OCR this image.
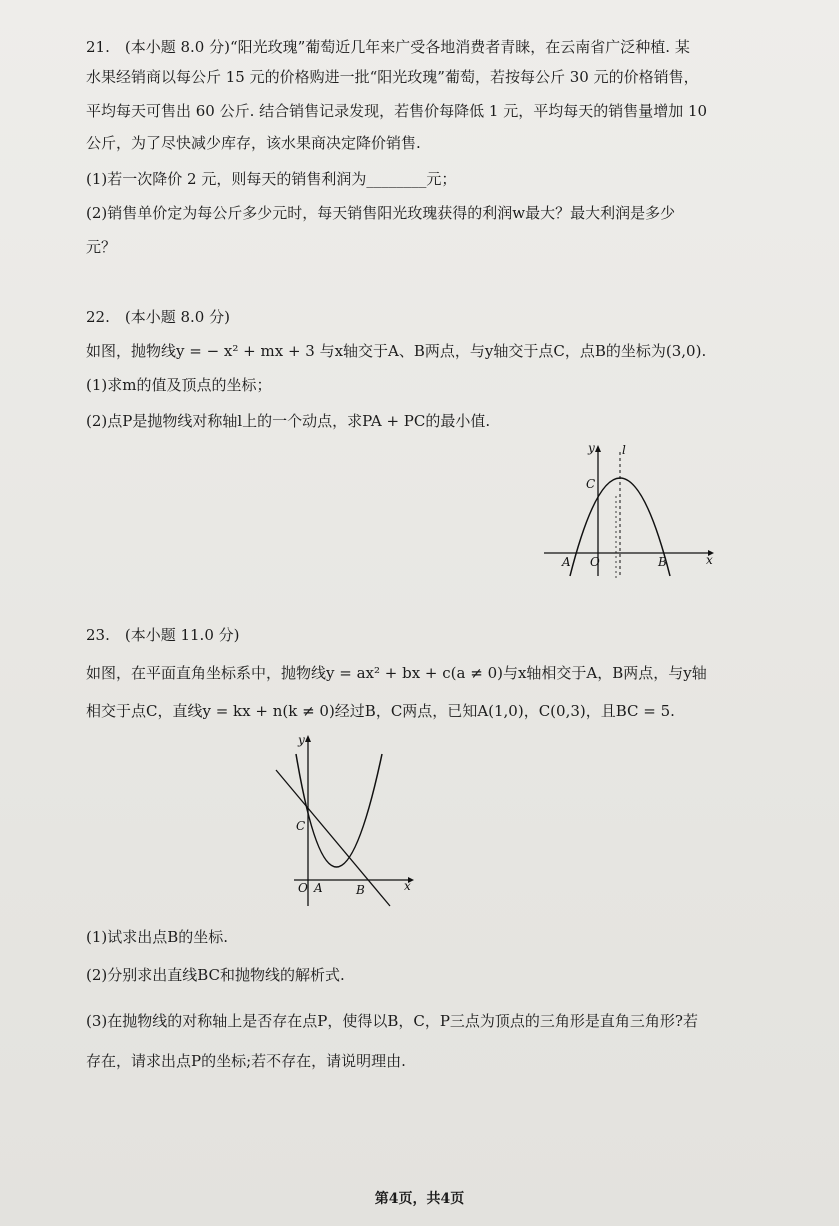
21.　(本小题 8.0 分)“阳光玫瑰”葡萄近几年来广受各地消费者青睐，在云南省广泛种植. 某
水果经销商以每公斤 15 元的价格购进一批“阳光玫瑰”葡萄，若按每公斤 30 元的价格销售，
平均每天可售出 60 公斤. 结合销售记录发现，若售价每降低 1 元，平均每天的销售量增加 10
公斤，为了尽快减少库存，该水果商决定降价销售.
(1)若一次降价 2 元，则每天的销售利润为________元；
(2)销售单价定为每公斤多少元时，每天销售阳光玫瑰获得的利润w最大？最大利润是多少
元？
22.　(本小题 8.0 分)
如图，抛物线y = − x² + mx + 3 与x轴交于A、B两点，与y轴交于点C，点B的坐标为(3,0).
(1)求m的值及顶点的坐标；
(2)点P是抛物线对称轴l上的一个动点，求PA + PC的最小值.
y l
C
A O	B	x
23.　(本小题 11.0 分)
如图，在平面直角坐标系中，抛物线y = ax² + bx + c(a ≠ 0)与x轴相交于A，B两点，与y轴
相交于点C，直线y = kx + n(k ≠ 0)经过B，C两点，已知A(1,0)，C(0,3)，且BC = 5.
y
C
O A	B	x
(1)试求出点B的坐标.
(2)分别求出直线BC和抛物线的解析式.
(3)在抛物线的对称轴上是否存在点P，使得以B，C，P三点为顶点的三角形是直角三角形?若
存在，请求出点P的坐标;若不存在，请说明理由.
第4页，共4页
